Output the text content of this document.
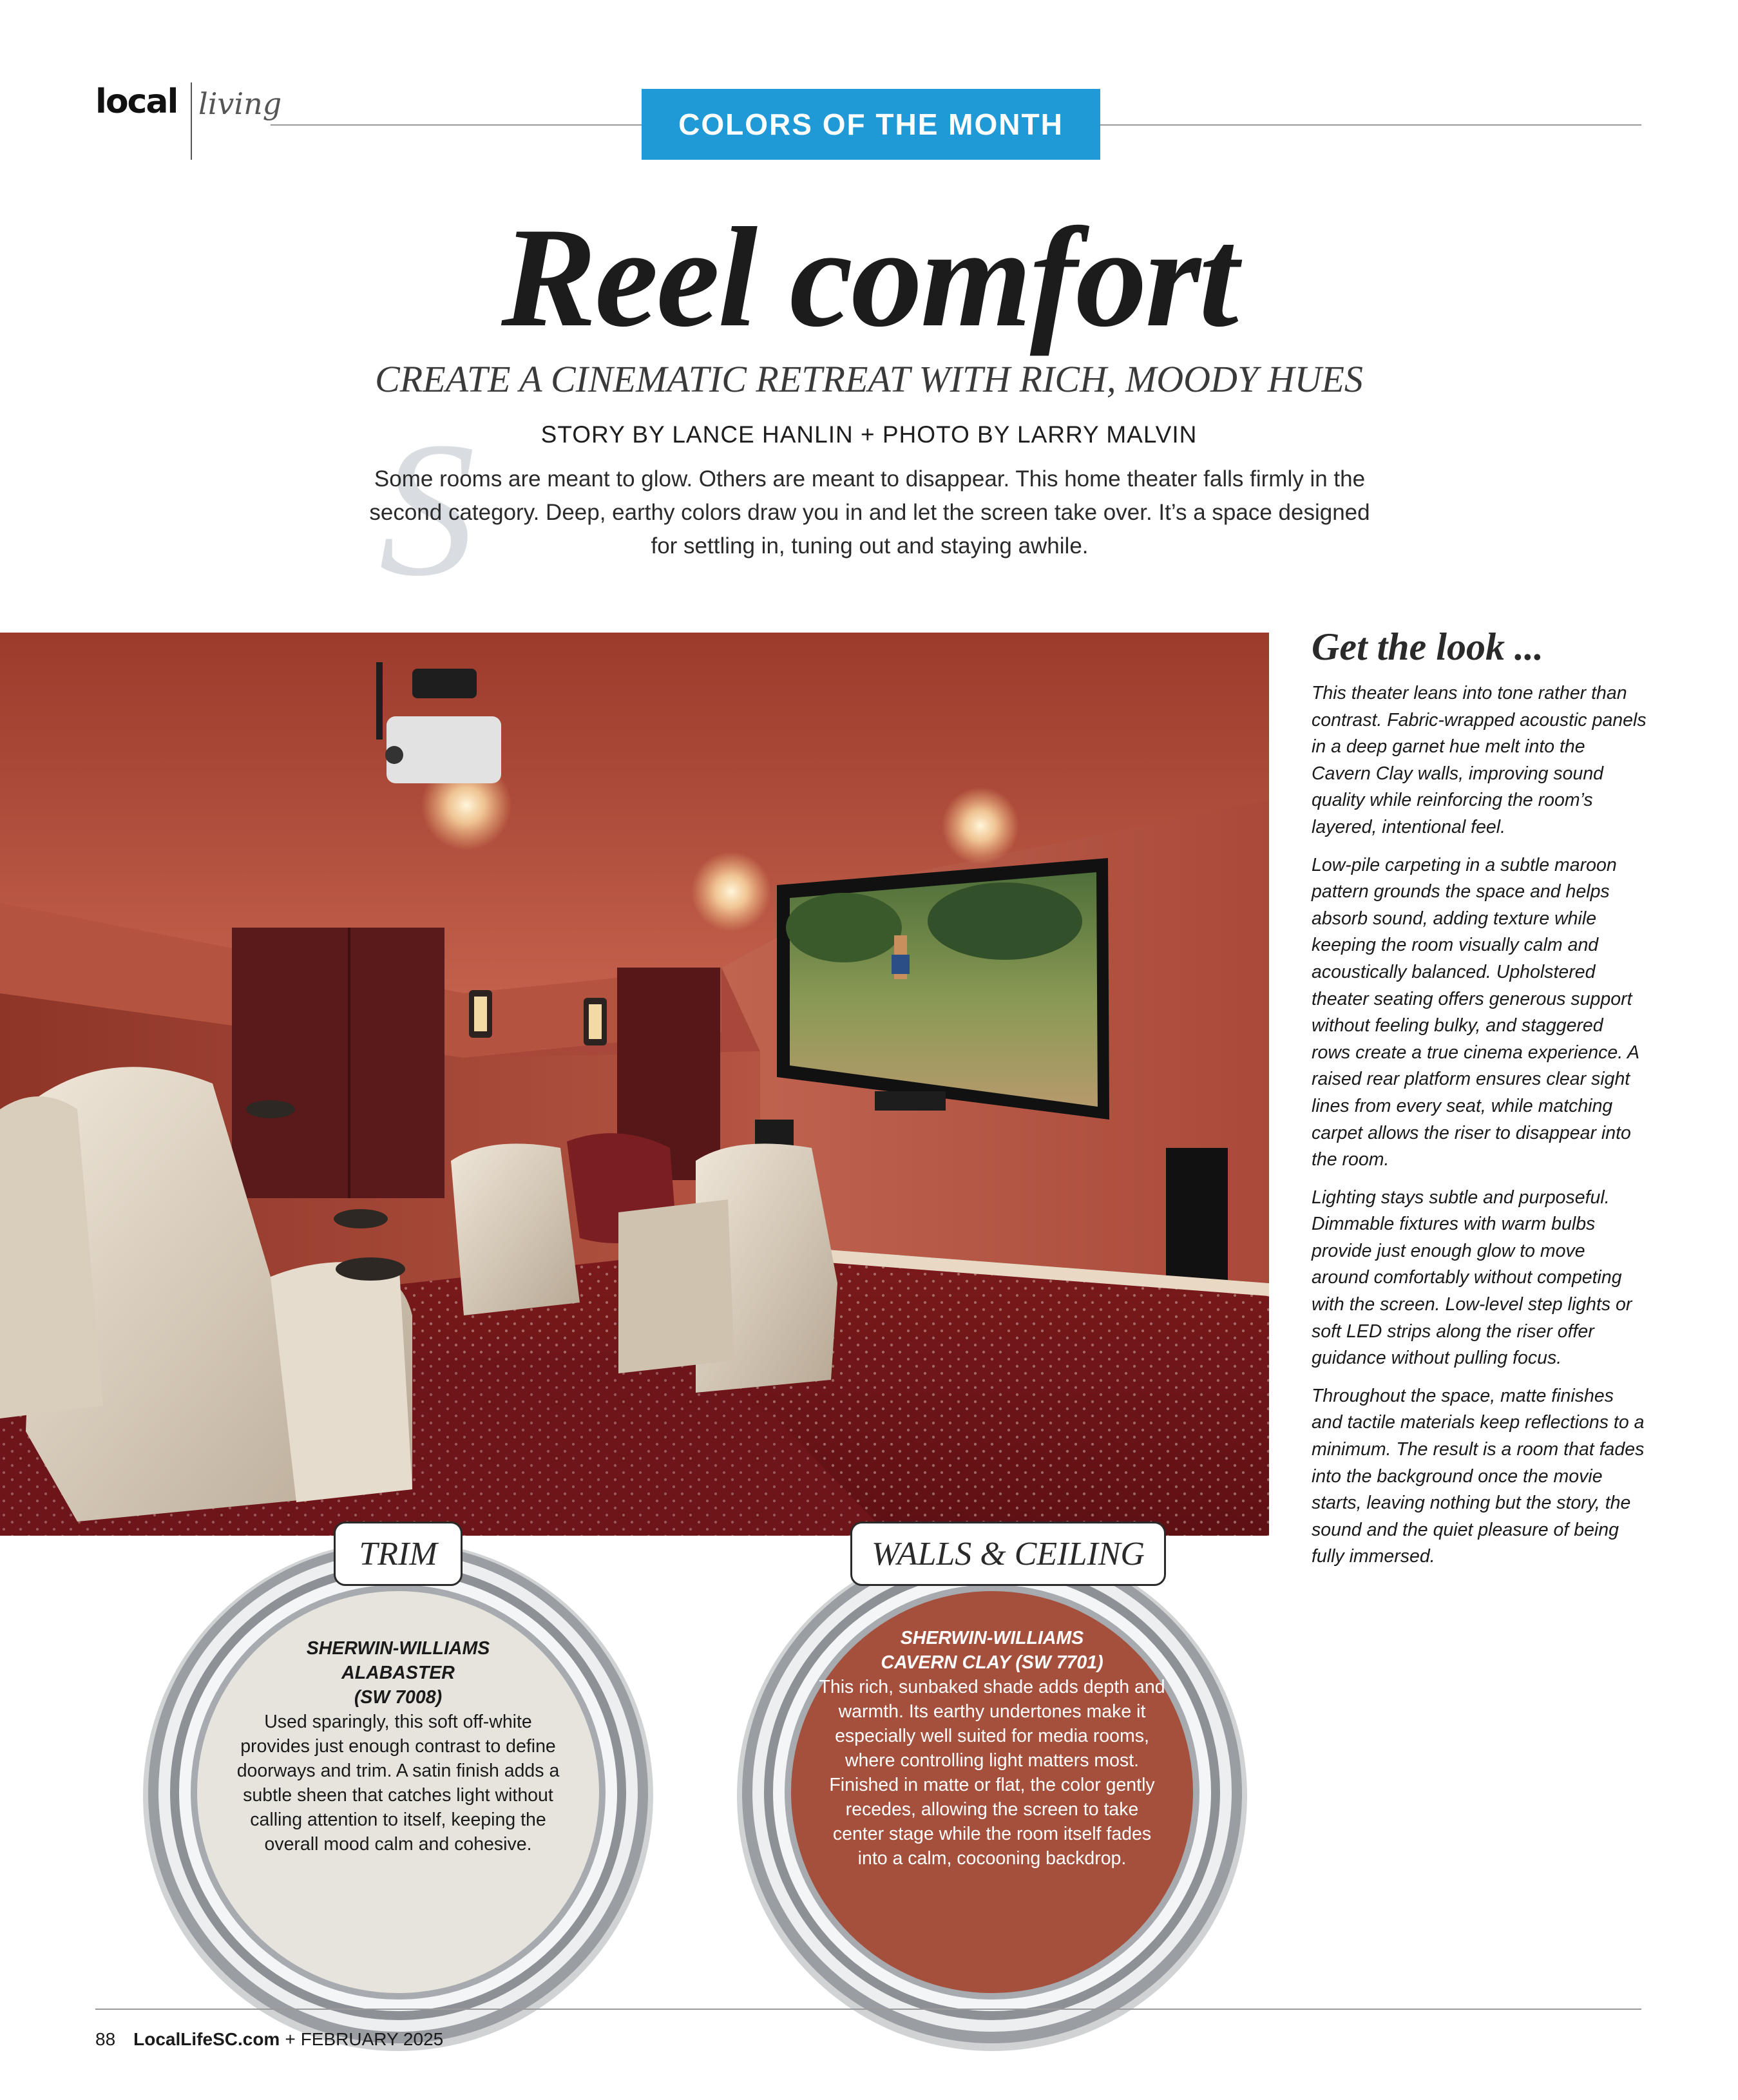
local living
COLORS OF THE MONTH
Reel comfort
CREATE A CINEMATIC RETREAT WITH RICH, MOODY HUES
STORY BY LANCE HANLIN + PHOTO BY LARRY MALVIN
S

Some rooms are meant to glow. Others are meant to disappear. This home theater falls firmly in the second category. Deep, earthy colors draw you in and let the screen take over. It’s a space designed for settling in, tuning out and staying awhile.

Get the look ...

This theater leans into tone rather than contrast. Fabric-wrapped acoustic panels in a deep garnet hue melt into the Cavern Clay walls, improving sound quality while reinforcing the room’s layered, intentional feel.

Low-pile carpeting in a subtle maroon pattern grounds the space and helps absorb sound, adding texture while keeping the room visually calm and acoustically balanced. Upholstered theater seating offers generous support without feeling bulky, and staggered rows create a true cinema experience. A raised rear platform ensures clear sight lines from every seat, while matching carpet allows the riser to disappear into the room.

Lighting stays subtle and purposeful. Dimmable fixtures with warm bulbs provide just enough glow to move around comfortably without competing with the screen. Low-level step lights or soft LED strips along the riser offer guidance without pulling focus.

Throughout the space, matte finishes and tactile materials keep reflections to a minimum. The result is a room that fades into the background once the movie starts, leaving nothing but the story, the sound and the quiet pleasure of being fully immersed.

TRIM
SHERWIN-WILLIAMS
ALABASTER
(SW 7008)
Used sparingly, this soft off-white provides just enough contrast to define doorways and trim. A satin finish adds a subtle sheen that catches light without calling attention to itself, keeping the overall mood calm and cohesive.
WALLS & CEILING
SHERWIN-WILLIAMS
CAVERN CLAY (SW 7701)
This rich, sunbaked shade adds depth and warmth. Its earthy undertones make it especially well suited for media rooms, where controlling light matters most. Finished in matte or flat, the color gently recedes, allowing the screen to take center stage while the room itself fades into a calm, cocooning backdrop.
88 LocalLifeSC.com + FEBRUARY 2025
